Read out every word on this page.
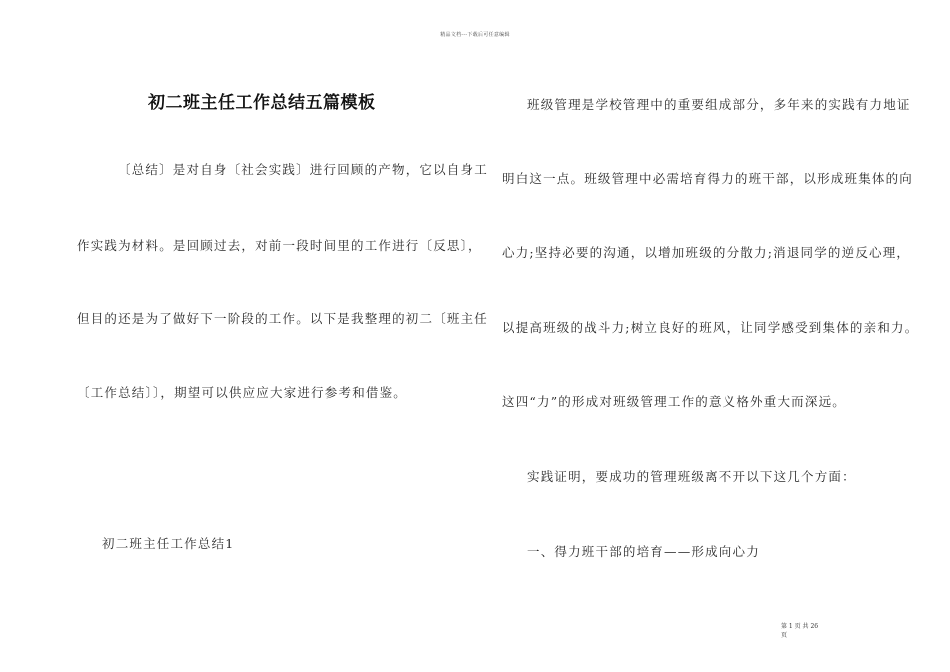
精品文档---下载后可任意编辑
初二班主任工作总结五篇模板
〔总结〕是对自身〔社会实践〕进行回顾的产物，它以自身工
作实践为材料。是回顾过去，对前一段时间里的工作进行〔反思〕，
但目的还是为了做好下一阶段的工作。以下是我整理的初二〔班主任
〔工作总结〕〕，期望可以供应应大家进行参考和借鉴。
初二班主任工作总结1
班级管理是学校管理中的重要组成部分，多年来的实践有力地证
明白这一点。班级管理中必需培育得力的班干部，以形成班集体的向
心力;坚持必要的沟通，以增加班级的分散力;消退同学的逆反心理，
以提高班级的战斗力;树立良好的班风，让同学感受到集体的亲和力。
这四“力”的形成对班级管理工作的意义格外重大而深远。
实践证明，要成功的管理班级离不开以下这几个方面：
一、得力班干部的培育——形成向心力
第 1 页 共 26
页
